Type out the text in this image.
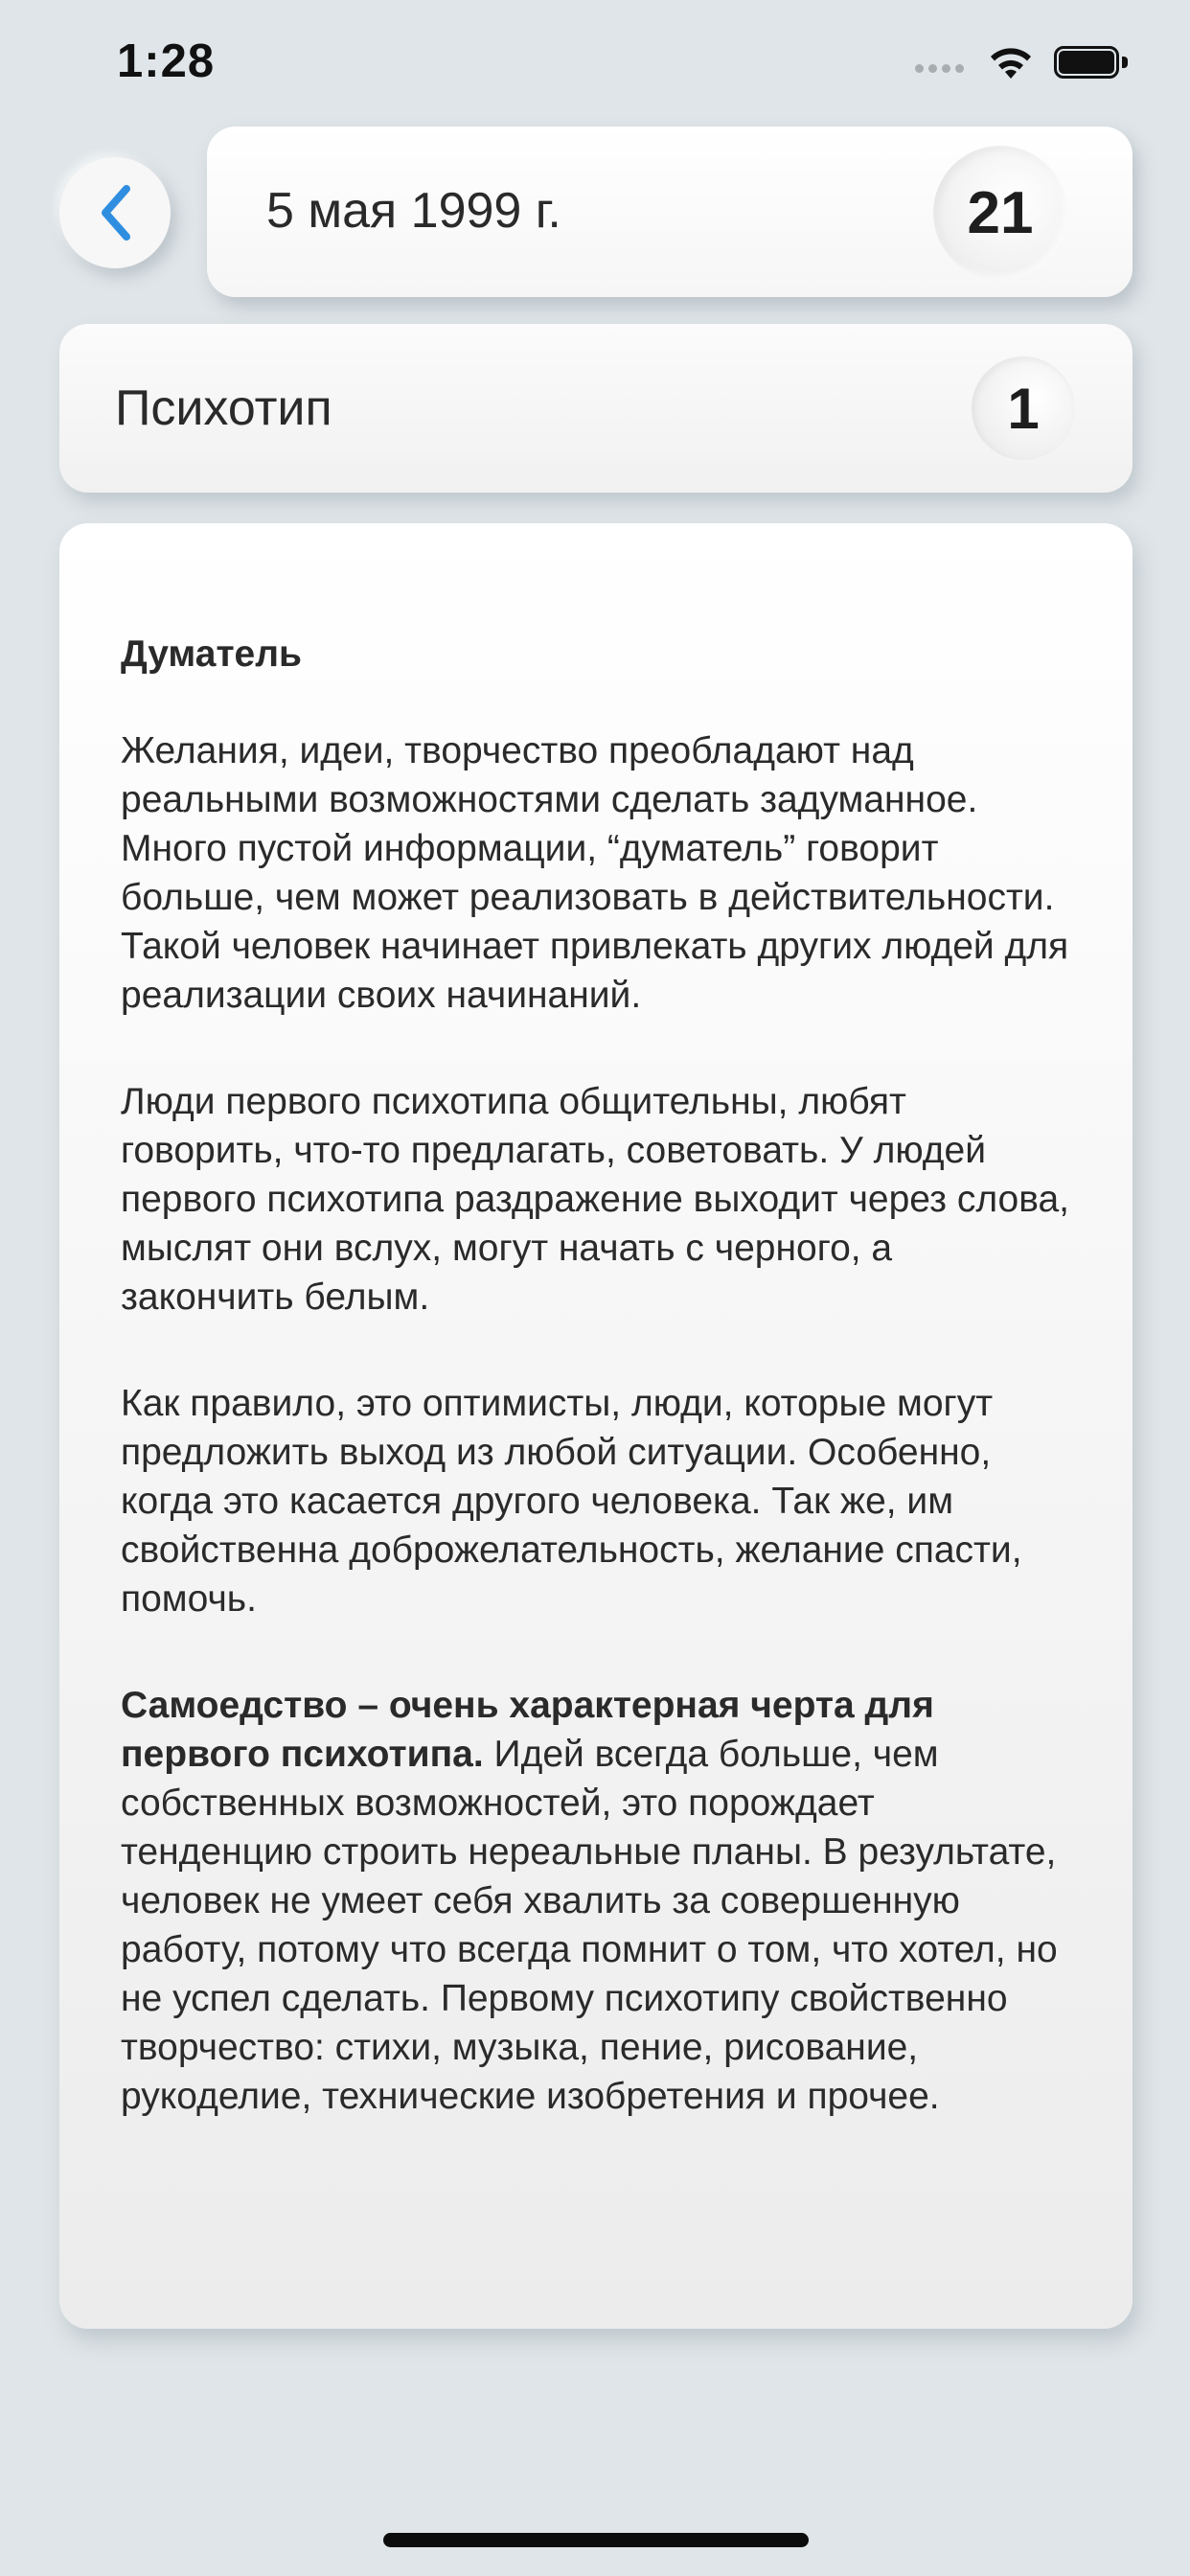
1:28
5 мая 1999 г.	21
Психотип	1

Думатель

Желания, идеи, творчество преобладают над реальными возможностями сделать задуманное. Много пустой информации, “думатель” говорит больше, чем может реализовать в действительности. Такой человек начинает привлекать других людей для реализации своих начинаний.

Люди первого психотипа общительны, любят говорить, что-то предлагать, советовать. У людей первого психотипа раздражение выходит через слова, мыслят они вслух, могут начать с черного, а закончить белым.

Как правило, это оптимисты, люди, которые могут предложить выход из любой ситуации. Особенно, когда это касается другого человека. Так же, им свойственна доброжелательность, желание спасти, помочь.

Самоедство – очень характерная черта для первого психотипа. Идей всегда больше, чем собственных возможностей, это порождает тенденцию строить нереальные планы. В результате, человек не умеет себя хвалить за совершенную работу, потому что всегда помнит о том, что хотел, но не успел сделать. Первому психотипу свойственно творчество: стихи, музыка, пение, рисование, рукоделие, технические изобретения и прочее.
